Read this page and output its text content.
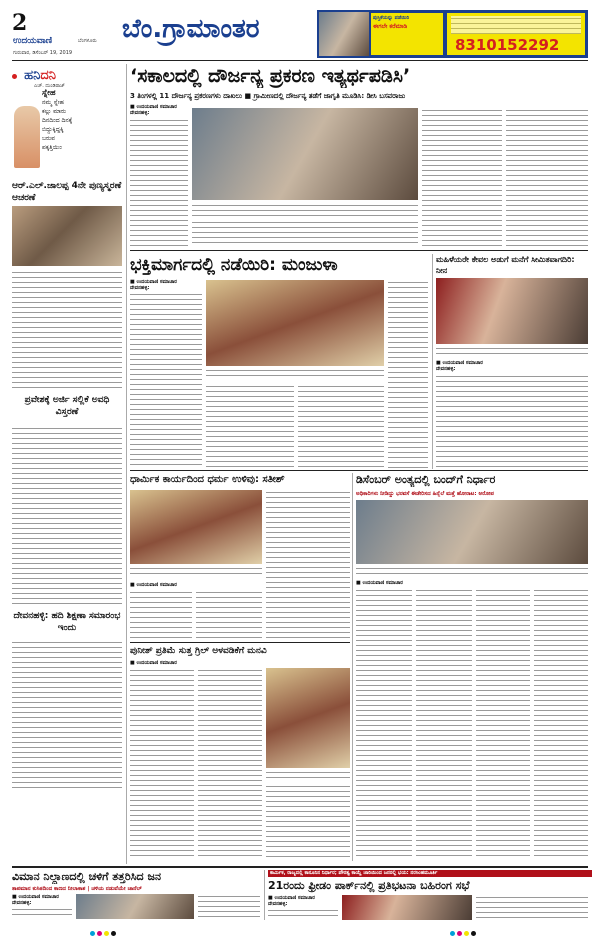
2
ಉದಯವಾಣಿ	ಬೆಂಗಳೂರು
ಗುರುವಾರ, ಡಿಸೆಂಬರ್ 19, 2019
ಬೆಂ.ಗ್ರಾಮಾಂತರ	ಪುಸ್ತಿಕೆಯನ್ನು ಪಡೆಯಿರಿ
ಈಗಲೇ ಕರೆಮಾಡಿ
8310152292
ಹನಿದನಿ
ಎಚ್. ದುಂಡಿರಾಜ್
ಸ್ನೇಹ
ನಮ್ಮ ಸ್ನೇಹ
ಕಲ್ಲು ಮಾರು
ದಿನದಿಂದ ದಿನಕ್ಕೆ
ಬಿದ್ದುಕ್ಕಿದ್ದಕ್ಕಿ
ಬರುವ
ಪಕ್ಕತ್ತಿಯಿಂ
ಆರ್.ಎಲ್.ಜಾಲಪ್ಪ 4ನೇ ಪುಣ್ಯಸ್ಮರಣೆ ಆಚರಣೆ
ಪ್ರವೇಶಕ್ಕೆ ಅರ್ಜಿ ಸಲ್ಲಿಕೆ ಅವಧಿ ವಿಸ್ತರಣೆ
ದೇವನಹಳ್ಳಿ: ಹದಿ ಶಿಕ್ಷಣಾ ಸಮಾರಂಭ ಇಂದು
‘ಸಕಾಲದಲ್ಲಿ ದೌರ್ಜನ್ಯ ಪ್ರಕರಣ ಇತ್ಯರ್ಥಪಡಿಸಿ’
3 ತಿಂಗಳಲ್ಲಿ 11 ದೌರ್ಜನ್ಯ ಪ್ರಕರಣಗಳು ದಾಖಲು ■ ಗ್ರಾಮೀಣದಲ್ಲಿ ದೌರ್ಜನ್ಯ ತಡೆಗೆ ಜಾಗೃತಿ ಮೂಡಿಸಿ: ಡೀಸಿ ಬಸವರಾಜು
■ ಉದಯವಾಣಿ ಸಮಾಚಾರ
ದೇವನಹಳ್ಳಿ:
ಭಕ್ತಿಮಾರ್ಗದಲ್ಲಿ ನಡೆಯಿರಿ: ಮಂಜುಳಾ
■ ಉದಯವಾಣಿ ಸಮಾಚಾರ
ದೇವನಹಳ್ಳಿ:
ಮಹಿಳೆಯರೇ ಕೇವಲ ಅಡುಗೆ ಮನೆಗೆ ಸೀಮಿತವಾಗದಿರಿ: ನೀನ
■ ಉದಯವಾಣಿ ಸಮಾಚಾರ
ದೇವನಹಳ್ಳಿ:
ಧಾರ್ಮಿಕ ಕಾರ್ಯದಿಂದ ಧರ್ಮ ಉಳಿವು: ಸತೀಶ್
■ ಉದಯವಾಣಿ ಸಮಾಚಾರ
ಡಿಸೆಂಬರ್ ಅಂತ್ಯದಲ್ಲಿ ಬಂದ್‌ಗೆ ನಿರ್ಧಾರ
ಅಧಿಕಾರಿಗಳು ನೀಡಿದ್ದು ಭರವಸೆ ಈಡೇರಿಸದ ಹಿನ್ನೆಲೆ ಮತ್ತೆ ಹೋರಾಟ: ಅರೋಪ
■ ಉದಯವಾಣಿ ಸಮಾಚಾರ
ಪುನೀತ್ ಪ್ರತಿಮೆ ಸುತ್ತ ಗ್ರಿಲ್ ಅಳವಡಿಕೆಗೆ ಮನವಿ
■ ಉದಯವಾಣಿ ಸಮಾಚಾರ
ವಿಮಾನ ನಿಲ್ದಾಣದಲ್ಲಿ ಚಳಿಗೆ ತತ್ತರಿಸಿದ ಜನ
ತಾಪಮಾನ ಕುಸಿತದಿಂದ ಕಾಣದ ನೀಲಾಕಾಶ | ಚಳಿಯ ನಡುವೆಯೇ ಚಾನೆಲ್
■ ಉದಯವಾಣಿ ಸಮಾಚಾರ
ದೇವನಹಳ್ಳಿ:
ಕಾರ್ಮಿಕ, ರಾಜ್ಯದಲ್ಲಿ ಕಾನೂನಿನ ನಿರ್ಧಾರ; ಪೌರತ್ವ ಕಾಯ್ದೆ ಜಾರಿಯಿಂದ ಜನರಲ್ಲಿ ಭಯ: ನರಸಿಂಹಮೂರ್ತಿ
21ರಂದು ಫ್ರೀಡಂ ಪಾರ್ಕ್‌ನಲ್ಲಿ ಪ್ರತಿಭಟನಾ ಬಹಿರಂಗ ಸಭೆ
■ ಉದಯವಾಣಿ ಸಮಾಚಾರ
ದೇವನಹಳ್ಳಿ:
